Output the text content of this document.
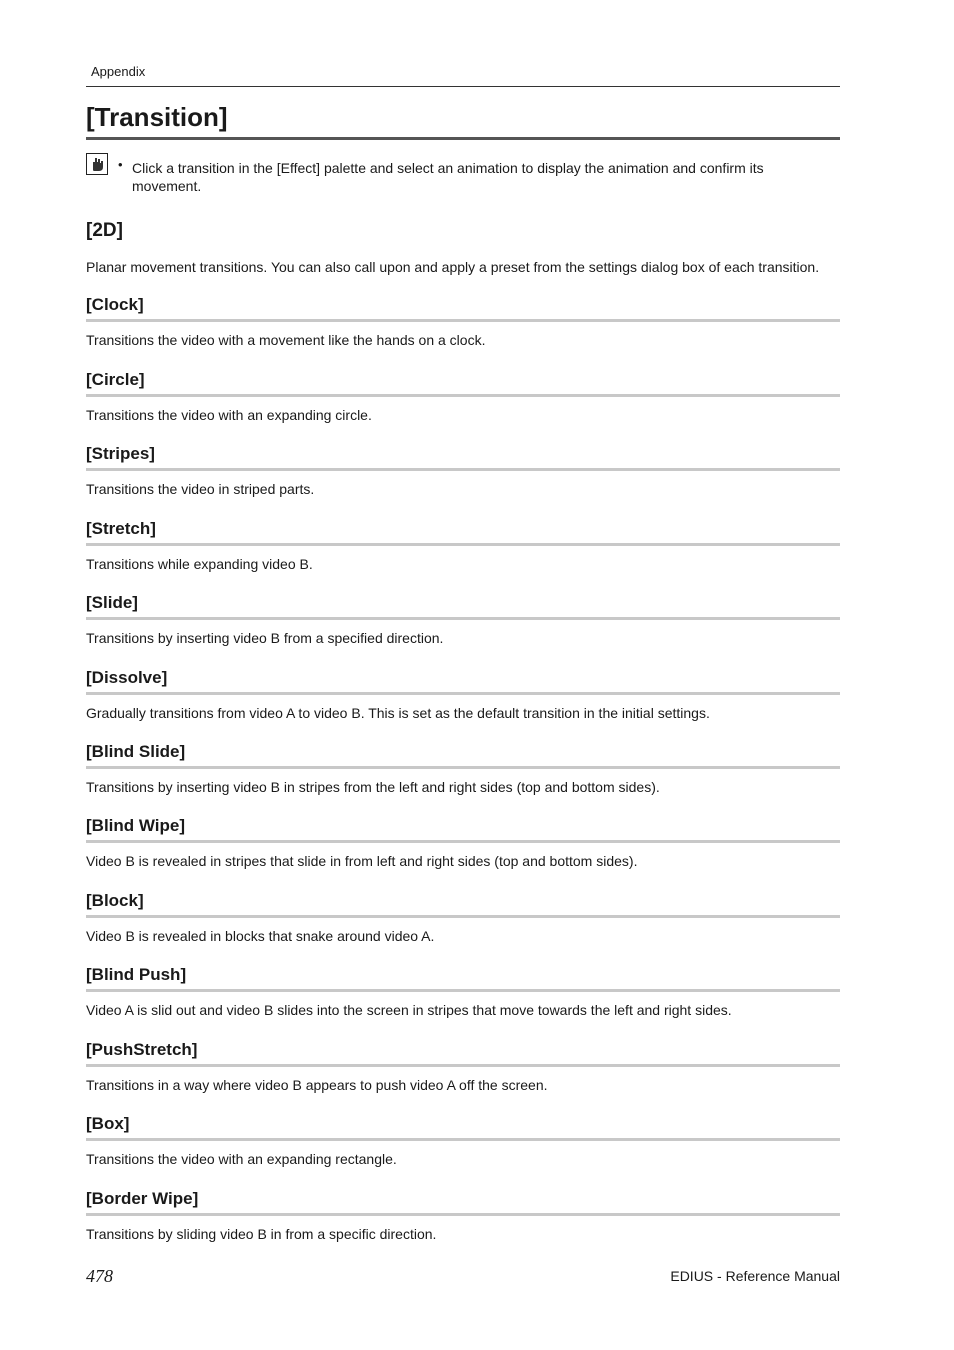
Appendix
[Transition]
• Click a transition in the [Effect] palette and select an animation to display the animation and confirm its movement.
[2D]
Planar movement transitions. You can also call upon and apply a preset from the settings dialog box of each transition.
[Clock]
Transitions the video with a movement like the hands on a clock.
[Circle]
Transitions the video with an expanding circle.
[Stripes]
Transitions the video in striped parts.
[Stretch]
Transitions while expanding video B.
[Slide]
Transitions by inserting video B from a specified direction.
[Dissolve]
Gradually transitions from video A to video B. This is set as the default transition in the initial settings.
[Blind Slide]
Transitions by inserting video B in stripes from the left and right sides (top and bottom sides).
[Blind Wipe]
Video B is revealed in stripes that slide in from left and right sides (top and bottom sides).
[Block]
Video B is revealed in blocks that snake around video A.
[Blind Push]
Video A is slid out and video B slides into the screen in stripes that move towards the left and right sides.
[PushStretch]
Transitions in a way where video B appears to push video A off the screen.
[Box]
Transitions the video with an expanding rectangle.
[Border Wipe]
Transitions by sliding video B in from a specific direction.
478	EDIUS - Reference Manual
